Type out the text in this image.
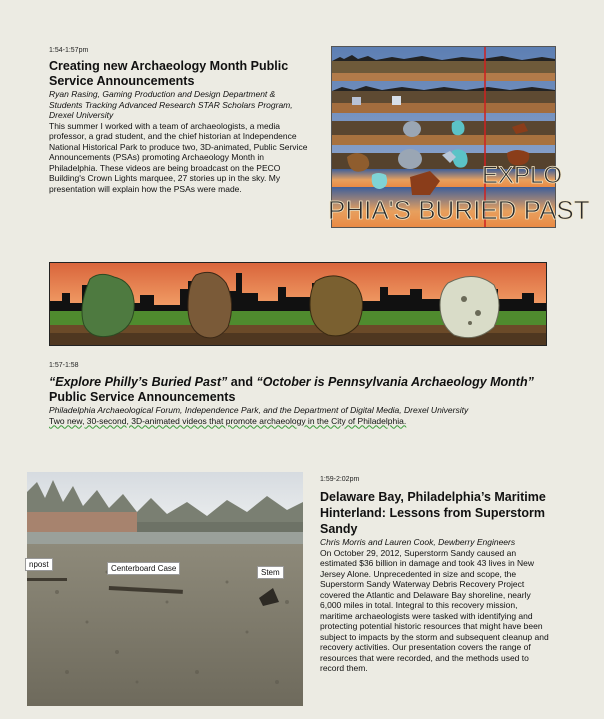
1:54-1:57pm
Creating new Archaeology Month Public Service Announcements

Ryan Rasing, Gaming Production and Design Department & Students Tracking Advanced Research STAR Scholars Program, Drexel University

This summer I worked with a team of archaeologists, a media professor, a grad student, and the chief historian at Independence National Historical Park to produce two, 3D-animated, Public Service Announcements (PSAs) promoting Archaeology Month in Philadelphia. These videos are being broadcast on the PECO Building's Crown Lights marquee, 27 stories up in the sky. My presentation will explain how the PSAs were made.	EXPLO
PHIA'S BURIED PAST
1:57-1:58
“Explore Philly’s Buried Past” and “October is Pennsylvania Archaeology Month” Public Service Announcements

Philadelphia Archaeological Forum, Independence Park, and the Department of Digital Media, Drexel University

Two new, 30-second, 3D-animated videos that promote archaeology in the City of Philadelphia.

npost	Centerboard Case	Stem
1:59-2:02pm
Delaware Bay, Philadelphia’s Maritime Hinterland: Lessons from Superstorm Sandy

Chris Morris and Lauren Cook, Dewberry Engineers

On October 29, 2012, Superstorm Sandy caused an estimated $36 billion in damage and took 43 lives in New Jersey Alone. Unprecedented in size and scope, the Superstorm Sandy Waterway Debris Recovery Project covered the Atlantic and Delaware Bay shoreline, nearly 6,000 miles in total. Integral to this recovery mission, maritime archaeologists were tasked with identifying and protecting potential historic resources that might have been subject to impacts by the storm and subsequent cleanup and recovery activities. Our presentation covers the range of resources that were recorded, and the methods used to record them.
